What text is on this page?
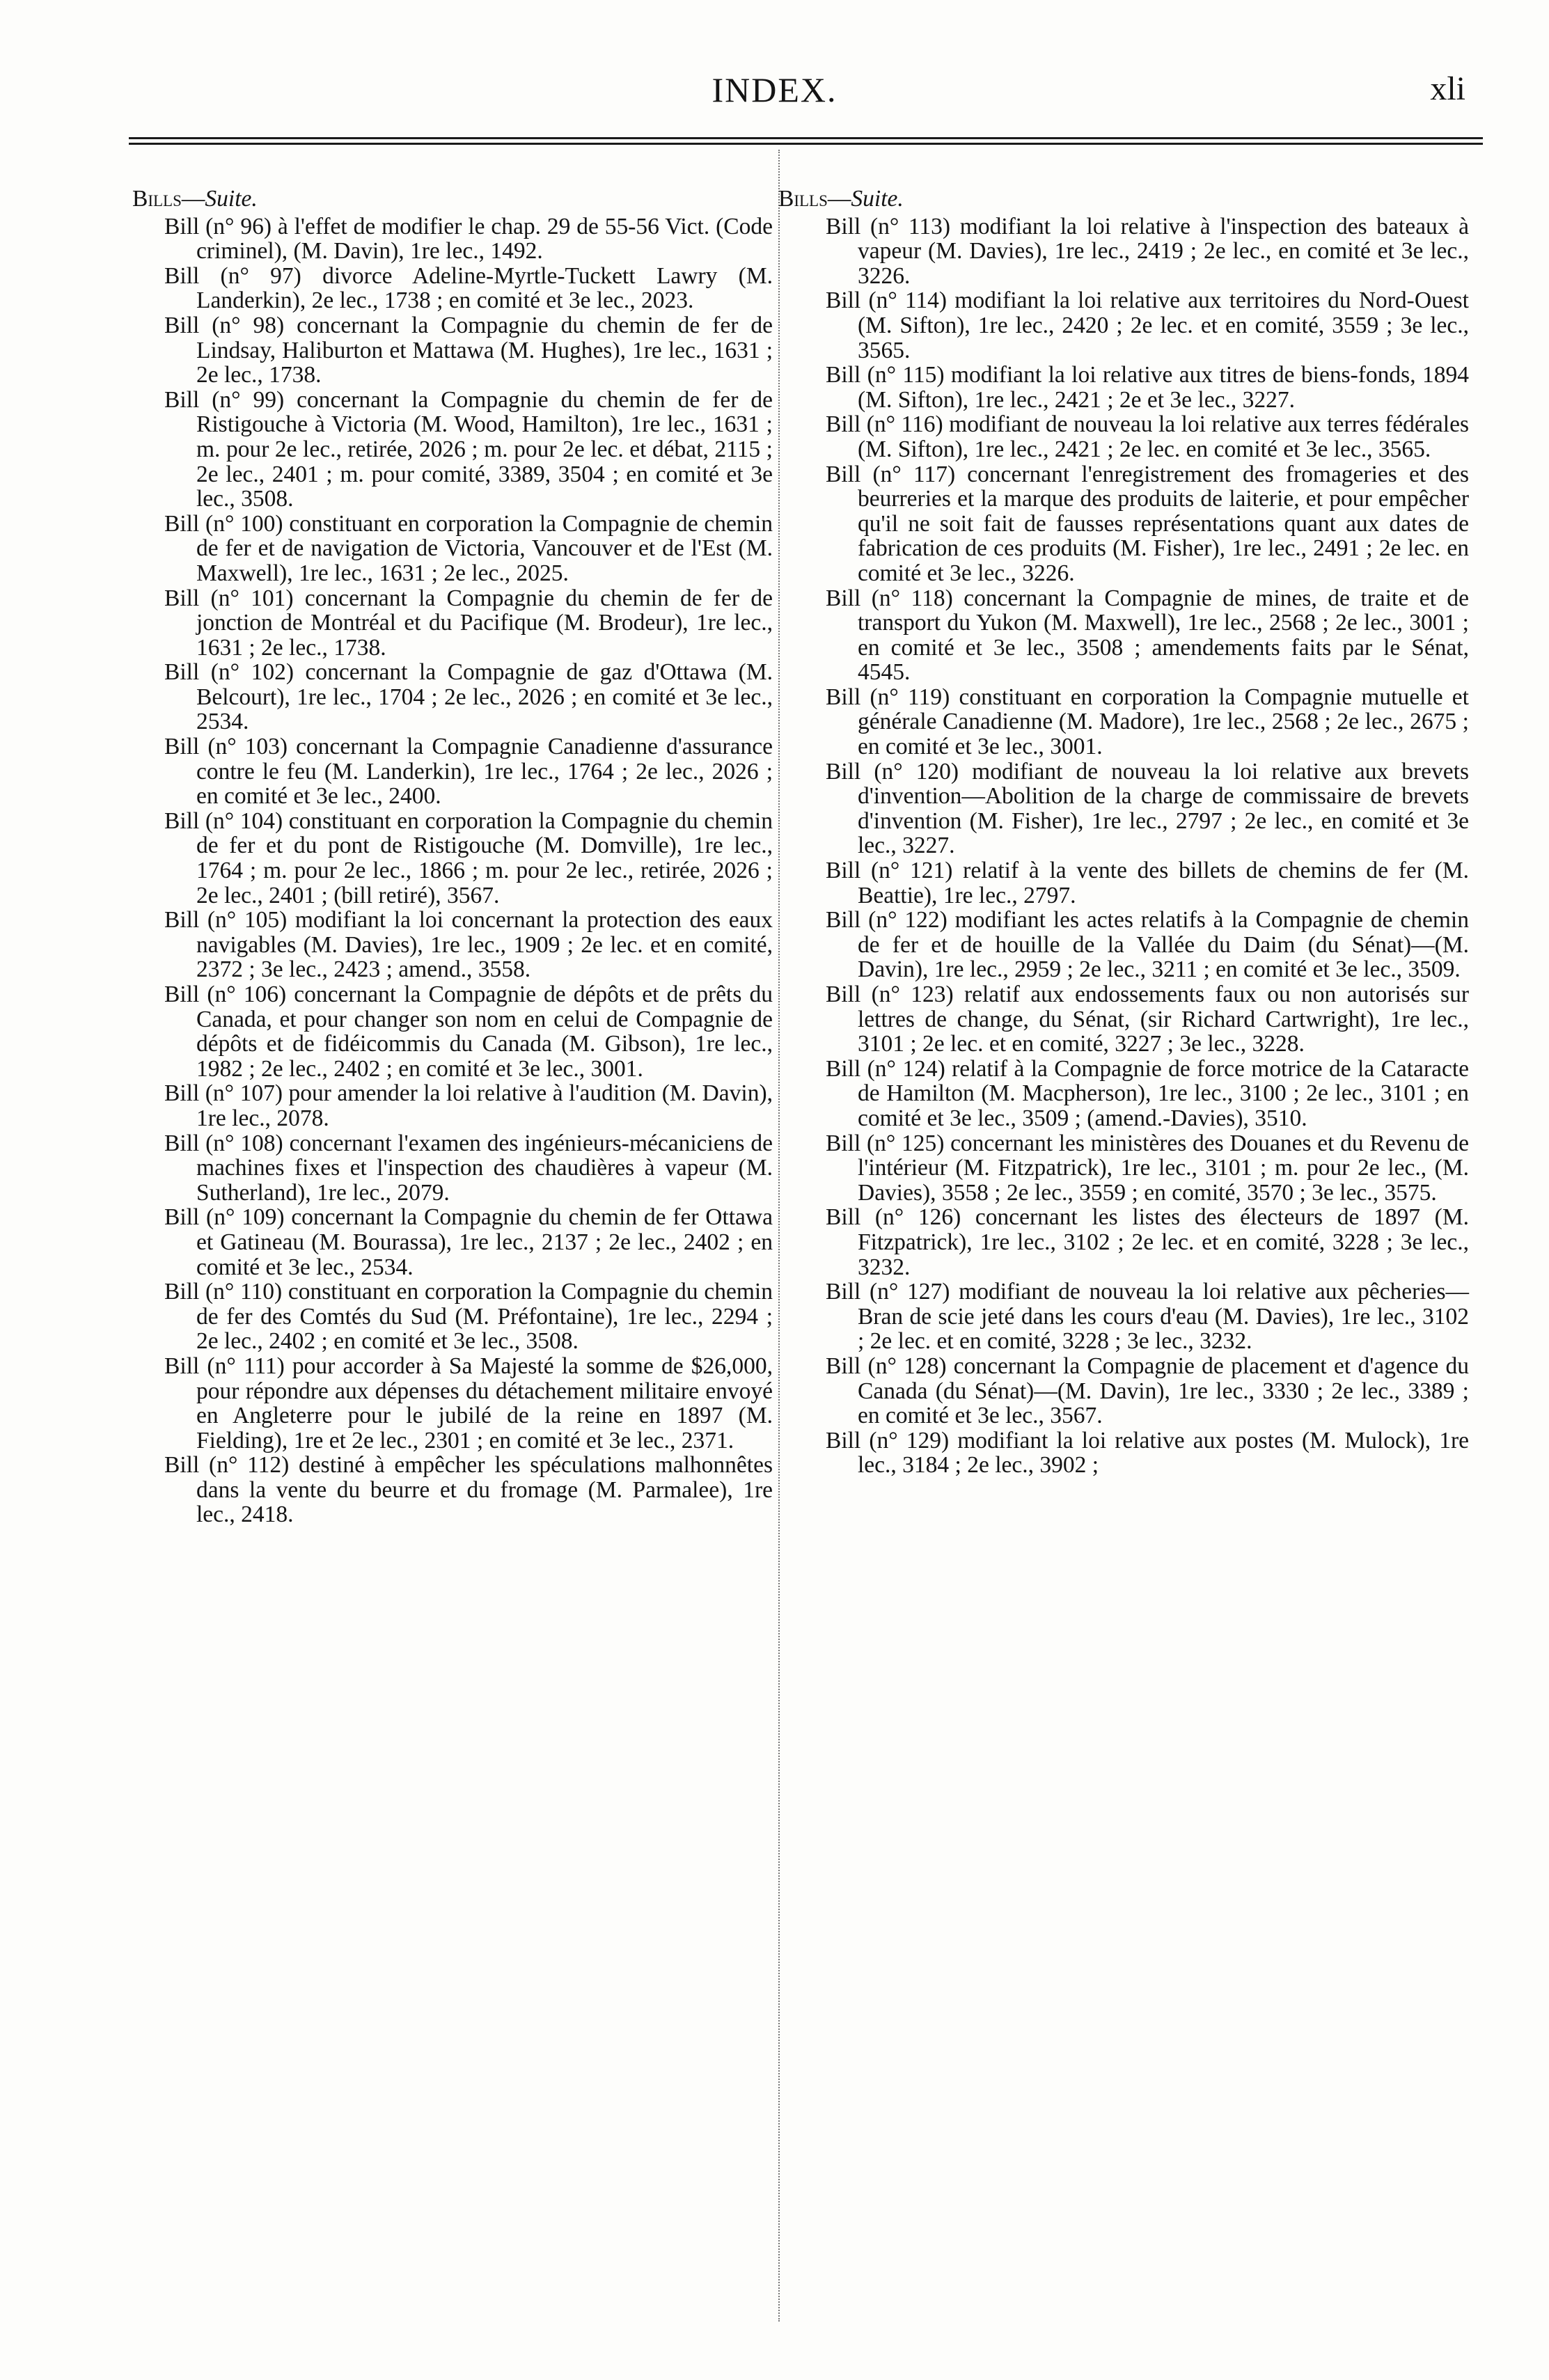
INDEX.	xli

Bills—Suite.

Bill (n° 96) à l'effet de modifier le chap. 29 de 55-56 Vict. (Code criminel), (M. Davin), 1re lec., 1492.

Bill (n° 97) divorce Adeline-Myrtle-Tuckett Lawry (M. Landerkin), 2e lec., 1738 ; en comité et 3e lec., 2023.

Bill (n° 98) concernant la Compagnie du chemin de fer de Lindsay, Haliburton et Mattawa (M. Hughes), 1re lec., 1631 ; 2e lec., 1738.

Bill (n° 99) concernant la Compagnie du chemin de fer de Ristigouche à Victoria (M. Wood, Hamilton), 1re lec., 1631 ; m. pour 2e lec., retirée, 2026 ; m. pour 2e lec. et débat, 2115 ; 2e lec., 2401 ; m. pour comité, 3389, 3504 ; en comité et 3e lec., 3508.

Bill (n° 100) constituant en corporation la Compagnie de chemin de fer et de navigation de Victoria, Vancouver et de l'Est (M. Maxwell), 1re lec., 1631 ; 2e lec., 2025.

Bill (n° 101) concernant la Compagnie du chemin de fer de jonction de Montréal et du Pacifique (M. Brodeur), 1re lec., 1631 ; 2e lec., 1738.

Bill (n° 102) concernant la Compagnie de gaz d'Ottawa (M. Belcourt), 1re lec., 1704 ; 2e lec., 2026 ; en comité et 3e lec., 2534.

Bill (n° 103) concernant la Compagnie Canadienne d'assurance contre le feu (M. Landerkin), 1re lec., 1764 ; 2e lec., 2026 ; en comité et 3e lec., 2400.

Bill (n° 104) constituant en corporation la Compagnie du chemin de fer et du pont de Ristigouche (M. Domville), 1re lec., 1764 ; m. pour 2e lec., 1866 ; m. pour 2e lec., retirée, 2026 ; 2e lec., 2401 ; (bill retiré), 3567.

Bill (n° 105) modifiant la loi concernant la protection des eaux navigables (M. Davies), 1re lec., 1909 ; 2e lec. et en comité, 2372 ; 3e lec., 2423 ; amend., 3558.

Bill (n° 106) concernant la Compagnie de dépôts et de prêts du Canada, et pour changer son nom en celui de Compagnie de dépôts et de fidéicommis du Canada (M. Gibson), 1re lec., 1982 ; 2e lec., 2402 ; en comité et 3e lec., 3001.

Bill (n° 107) pour amender la loi relative à l'audition (M. Davin), 1re lec., 2078.

Bill (n° 108) concernant l'examen des ingénieurs-mécaniciens de machines fixes et l'inspection des chaudières à vapeur (M. Sutherland), 1re lec., 2079.

Bill (n° 109) concernant la Compagnie du chemin de fer Ottawa et Gatineau (M. Bourassa), 1re lec., 2137 ; 2e lec., 2402 ; en comité et 3e lec., 2534.

Bill (n° 110) constituant en corporation la Compagnie du chemin de fer des Comtés du Sud (M. Préfontaine), 1re lec., 2294 ; 2e lec., 2402 ; en comité et 3e lec., 3508.

Bill (n° 111) pour accorder à Sa Majesté la somme de $26,000, pour répondre aux dépenses du détachement militaire envoyé en Angleterre pour le jubilé de la reine en 1897 (M. Fielding), 1re et 2e lec., 2301 ; en comité et 3e lec., 2371.

Bill (n° 112) destiné à empêcher les spéculations malhonnêtes dans la vente du beurre et du fromage (M. Parmalee), 1re lec., 2418.

Bills—Suite.

Bill (n° 113) modifiant la loi relative à l'inspection des bateaux à vapeur (M. Davies), 1re lec., 2419 ; 2e lec., en comité et 3e lec., 3226.

Bill (n° 114) modifiant la loi relative aux territoires du Nord-Ouest (M. Sifton), 1re lec., 2420 ; 2e lec. et en comité, 3559 ; 3e lec., 3565.

Bill (n° 115) modifiant la loi relative aux titres de biens-fonds, 1894 (M. Sifton), 1re lec., 2421 ; 2e et 3e lec., 3227.

Bill (n° 116) modifiant de nouveau la loi relative aux terres fédérales (M. Sifton), 1re lec., 2421 ; 2e lec. en comité et 3e lec., 3565.

Bill (n° 117) concernant l'enregistrement des fromageries et des beurreries et la marque des produits de laiterie, et pour empêcher qu'il ne soit fait de fausses représentations quant aux dates de fabrication de ces produits (M. Fisher), 1re lec., 2491 ; 2e lec. en comité et 3e lec., 3226.

Bill (n° 118) concernant la Compagnie de mines, de traite et de transport du Yukon (M. Maxwell), 1re lec., 2568 ; 2e lec., 3001 ; en comité et 3e lec., 3508 ; amendements faits par le Sénat, 4545.

Bill (n° 119) constituant en corporation la Compagnie mutuelle et générale Canadienne (M. Madore), 1re lec., 2568 ; 2e lec., 2675 ; en comité et 3e lec., 3001.

Bill (n° 120) modifiant de nouveau la loi relative aux brevets d'invention—Abolition de la charge de commissaire de brevets d'invention (M. Fisher), 1re lec., 2797 ; 2e lec., en comité et 3e lec., 3227.

Bill (n° 121) relatif à la vente des billets de chemins de fer (M. Beattie), 1re lec., 2797.

Bill (n° 122) modifiant les actes relatifs à la Compagnie de chemin de fer et de houille de la Vallée du Daim (du Sénat)—(M. Davin), 1re lec., 2959 ; 2e lec., 3211 ; en comité et 3e lec., 3509.

Bill (n° 123) relatif aux endossements faux ou non autorisés sur lettres de change, du Sénat, (sir Richard Cartwright), 1re lec., 3101 ; 2e lec. et en comité, 3227 ; 3e lec., 3228.

Bill (n° 124) relatif à la Compagnie de force motrice de la Cataracte de Hamilton (M. Macpherson), 1re lec., 3100 ; 2e lec., 3101 ; en comité et 3e lec., 3509 ; (amend.-Davies), 3510.

Bill (n° 125) concernant les ministères des Douanes et du Revenu de l'intérieur (M. Fitzpatrick), 1re lec., 3101 ; m. pour 2e lec., (M. Davies), 3558 ; 2e lec., 3559 ; en comité, 3570 ; 3e lec., 3575.

Bill (n° 126) concernant les listes des électeurs de 1897 (M. Fitzpatrick), 1re lec., 3102 ; 2e lec. et en comité, 3228 ; 3e lec., 3232.

Bill (n° 127) modifiant de nouveau la loi relative aux pêcheries—Bran de scie jeté dans les cours d'eau (M. Davies), 1re lec., 3102 ; 2e lec. et en comité, 3228 ; 3e lec., 3232.

Bill (n° 128) concernant la Compagnie de placement et d'agence du Canada (du Sénat)—(M. Davin), 1re lec., 3330 ; 2e lec., 3389 ; en comité et 3e lec., 3567.

Bill (n° 129) modifiant la loi relative aux postes (M. Mulock), 1re lec., 3184 ; 2e lec., 3902 ;
